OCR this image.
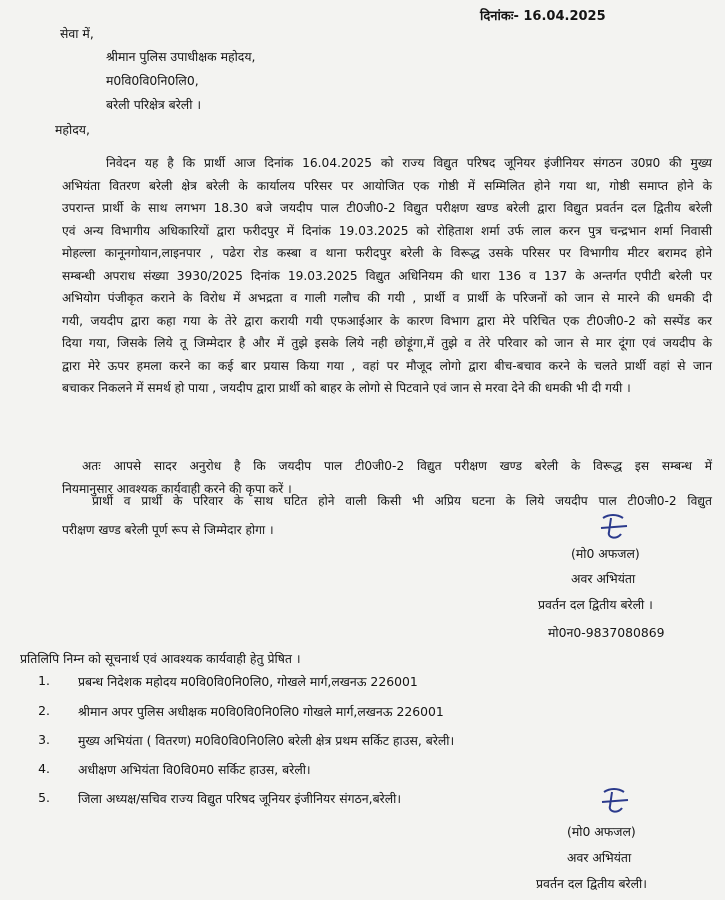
दिनांकः- 16.04.2025
सेवा में,
श्रीमान पुलिस उपाधीक्षक महोदय,
म0वि0वि0नि0लि0,
बरेली परिक्षेत्र बरेली ।
महोदय,
निवेदन यह है कि प्रार्थी आज दिनांक 16.04.2025 को राज्य विद्युत परिषद जूनियर इंजीनियर संगठन उ0प्र0 की मुख्य
अभियंता वितरण बरेली क्षेत्र बरेली के कार्यालय परिसर पर आयोजित एक गोष्ठी में सम्मिलित होने गया था, गोष्ठी समाप्त होने के
उपरान्त प्रार्थी के साथ लगभग 18.30 बजे जयदीप पाल टी0जी0-2 विद्युत परीक्षण खण्ड बरेली द्वारा विद्युत प्रवर्तन दल द्वितीय बरेली
एवं अन्य विभागीय अधिकारियों द्वारा फरीदपुर में दिनांक 19.03.2025 को रोहिताश शर्मा उर्फ लाल करन पुत्र चन्द्रभान शर्मा निवासी
मोहल्ला कानूनगोयान,लाइनपार , पढेरा रोड कस्बा व थाना फरीदपुर बरेली के विरूद्ध उसके परिसर पर विभागीय मीटर बरामद होने
सम्बन्धी अपराध संख्या 3930/2025 दिनांक 19.03.2025 विद्युत अधिनियम की धारा 136 व 137 के अन्तर्गत एपीटी बरेली पर
अभियोग पंजीकृत कराने के विरोध में अभद्रता व गाली गलौच की गयी , प्रार्थी व प्रार्थी के परिजनों को जान से मारने की धमकी दी
गयी, जयदीप द्वारा कहा गया के तेरे द्वारा करायी गयी एफआईआर के कारण विभाग द्वारा मेरे परिचित एक टी0जी0-2 को सस्पेंड कर
दिया गया, जिसके लिये तू जिम्मेदार है और में तुझे इसके लिये नही छोड़ूंगा,में तुझे व तेरे परिवार को जान से मार दूंगा एवं जयदीप के
द्वारा मेरे ऊपर हमला करने का कई बार प्रयास किया गया , वहां पर मौजूद लोगो द्वारा बीच-बचाव करने के चलते प्रार्थी वहां से जान
बचाकर निकलने में समर्थ हो पाया , जयदीप द्वारा प्रार्थी को बाहर के लोगो से पिटवाने एवं जान से मरवा देने की धमकी भी दी गयी ।
अतः आपसे सादर अनुरोध है कि जयदीप पाल टी0जी0-2 विद्युत परीक्षण खण्ड बरेली के विरूद्ध इस सम्बन्ध में
नियमानुसार आवश्यक कार्यवाही करने की कृपा करें ।
प्रार्थी व प्रार्थी के परिवार के साथ घटित होने वाली किसी भी अप्रिय घटना के लिये जयदीप पाल टी0जी0-2 विद्युत
परीक्षण खण्ड बरेली पूर्ण रूप से जिम्मेदार होगा ।
(मो0 अफजल)
अवर अभियंता
प्रवर्तन दल द्वितीय बरेली ।
मो0न0-9837080869
प्रतिलिपि निम्न को सूचनार्थ एवं आवश्यक कार्यवाही हेतु प्रेषित ।
1. प्रबन्ध निदेशक महोदय म0वि0वि0नि0लि0, गोखले मार्ग,लखनऊ 226001
2. श्रीमान अपर पुलिस अधीक्षक म0वि0वि0नि0लि0 गोखले मार्ग,लखनऊ 226001
3. मुख्य अभियंता ( वितरण) म0वि0वि0नि0लि0 बरेली क्षेत्र प्रथम सर्किट हाउस, बरेली।
4. अधीक्षण अभियंता वि0वि0म0 सर्किट हाउस, बरेली।
5. जिला अध्यक्ष/सचिव राज्य विद्युत परिषद जूनियर इंजीनियर संगठन,बरेली।
(मो0 अफजल)
अवर अभियंता
प्रवर्तन दल द्वितीय बरेली।
